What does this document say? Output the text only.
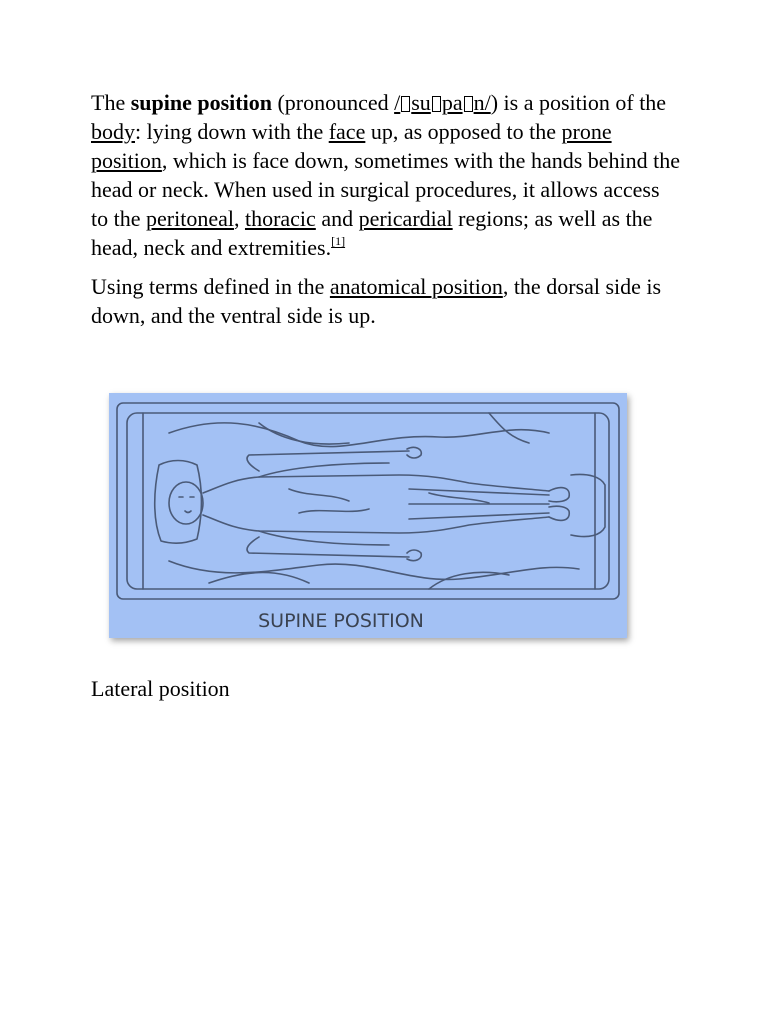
The supine position (pronounced / su pa n/) is a position of the body: lying down with the face up, as opposed to the prone position, which is face down, sometimes with the hands behind the head or neck. When used in surgical procedures, it allows access to the peritoneal, thoracic and pericardial regions; as well as the head, neck and extremities.[1]

Using terms defined in the anatomical position, the dorsal side is down, and the ventral side is up.

SUPINE POSITION

Lateral position
